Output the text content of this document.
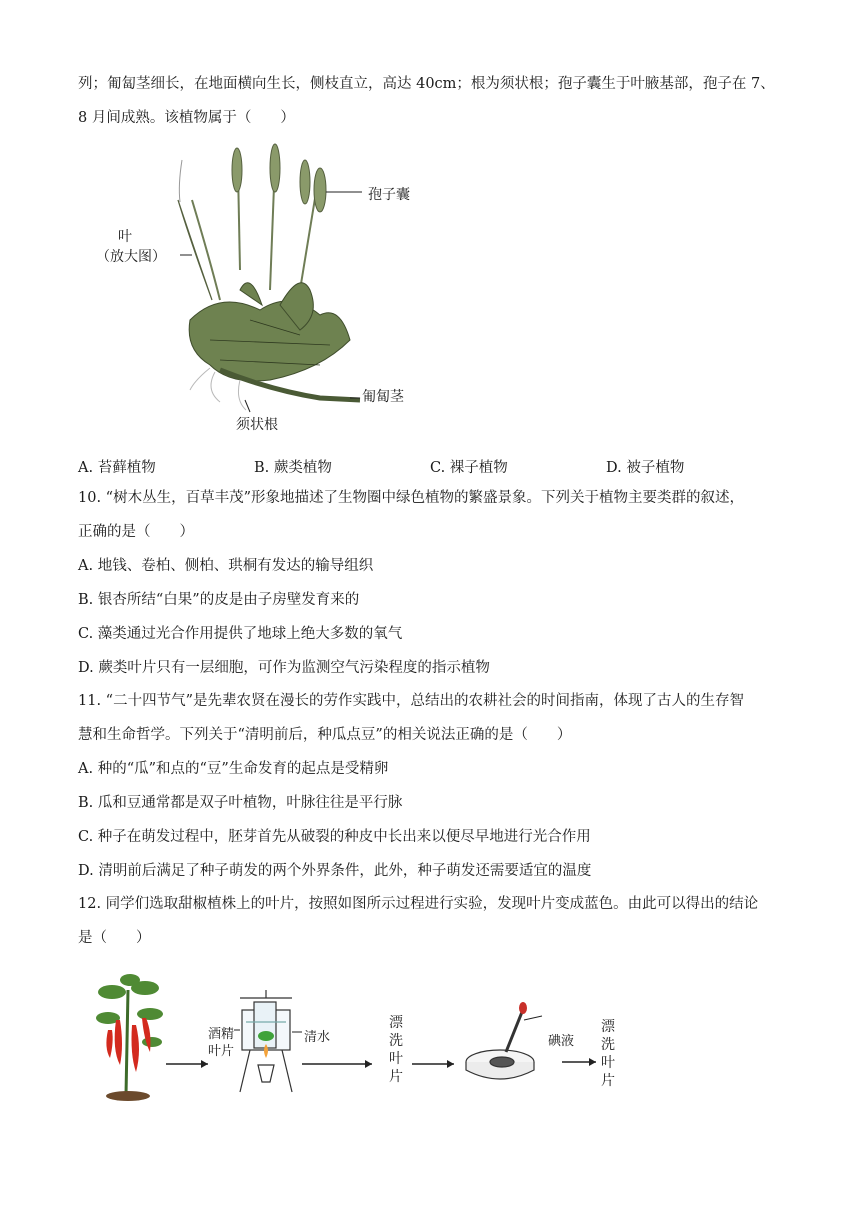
列；匍匐茎细长，在地面横向生长，侧枝直立，高达 40cm；根为须状根；孢子囊生于叶腋基部，孢子在 7、
8 月间成熟。该植物属于（　　）
孢子囊
叶
（放大图）
匍匐茎
须状根
A. 苔藓植物	B. 蕨类植物	C. 裸子植物	D. 被子植物
10. “树木丛生，百草丰茂”形象地描述了生物圈中绿色植物的繁盛景象。下列关于植物主要类群的叙述，
正确的是（　　）
A. 地钱、卷柏、侧柏、珙桐有发达的输导组织
B. 银杏所结“白果”的皮是由子房壁发育来的
C. 藻类通过光合作用提供了地球上绝大多数的氧气
D. 蕨类叶片只有一层细胞，可作为监测空气污染程度的指示植物
11. “二十四节气”是先辈农贤在漫长的劳作实践中，总结出的农耕社会的时间指南，体现了古人的生存智
慧和生命哲学。下列关于“清明前后，种瓜点豆”的相关说法正确的是（　　）
A. 种的“瓜”和点的“豆”生命发育的起点是受精卵
B. 瓜和豆通常都是双子叶植物，叶脉往往是平行脉
C. 种子在萌发过程中，胚芽首先从破裂的种皮中长出来以便尽早地进行光合作用
D. 清明前后满足了种子萌发的两个外界条件，此外，种子萌发还需要适宜的温度
12. 同学们选取甜椒植株上的叶片，按照如图所示过程进行实验，发现叶片变成蓝色。由此可以得出的结论
是（　　）
酒精
叶片
清水
漂洗叶片
碘液
漂洗叶片
